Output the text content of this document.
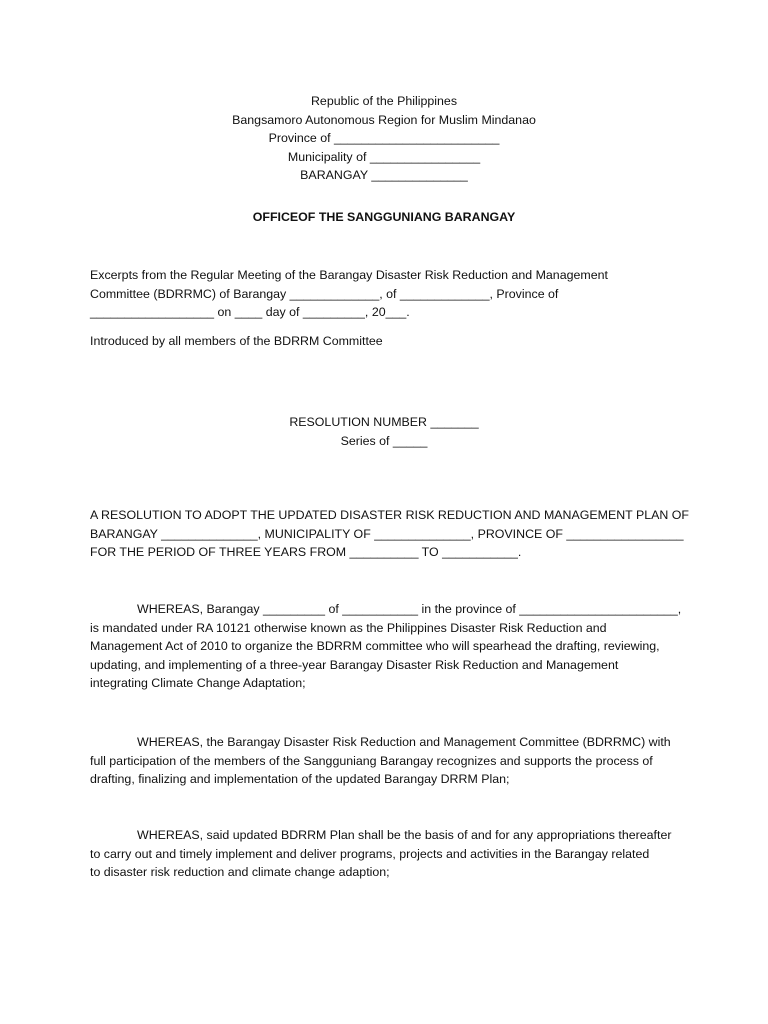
Republic of the Philippines
Bangsamoro Autonomous Region for Muslim Mindanao
Province of ________________________
Municipality of ________________
BARANGAY ______________
OFFICEOF THE SANGGUNIANG BARANGAY
Excerpts from the Regular Meeting of the Barangay Disaster Risk Reduction and Management
Committee (BDRRMC) of Barangay _____________, of _____________, Province of
__________________ on ____ day of _________, 20___.
Introduced by all members of the BDRRM Committee
RESOLUTION NUMBER _______
Series of _____
A RESOLUTION TO ADOPT THE UPDATED DISASTER RISK REDUCTION AND MANAGEMENT PLAN OF
BARANGAY ______________, MUNICIPALITY OF ______________, PROVINCE OF _________________
FOR THE PERIOD OF THREE YEARS FROM __________ TO ___________.
WHEREAS, Barangay _________ of ___________ in the province of _______________________,
is mandated under RA 10121 otherwise known as the Philippines Disaster Risk Reduction and
Management Act of 2010 to organize the BDRRM committee who will spearhead the drafting, reviewing,
updating, and implementing of a three-year Barangay Disaster Risk Reduction and Management
integrating Climate Change Adaptation;
WHEREAS, the Barangay Disaster Risk Reduction and Management Committee (BDRRMC) with
full participation of the members of the Sangguniang Barangay recognizes and supports the process of
drafting, finalizing and implementation of the updated Barangay DRRM Plan;
WHEREAS, said updated BDRRM Plan shall be the basis of and for any appropriations thereafter
to carry out and timely implement and deliver programs, projects and activities in the Barangay related
to disaster risk reduction and climate change adaption;
